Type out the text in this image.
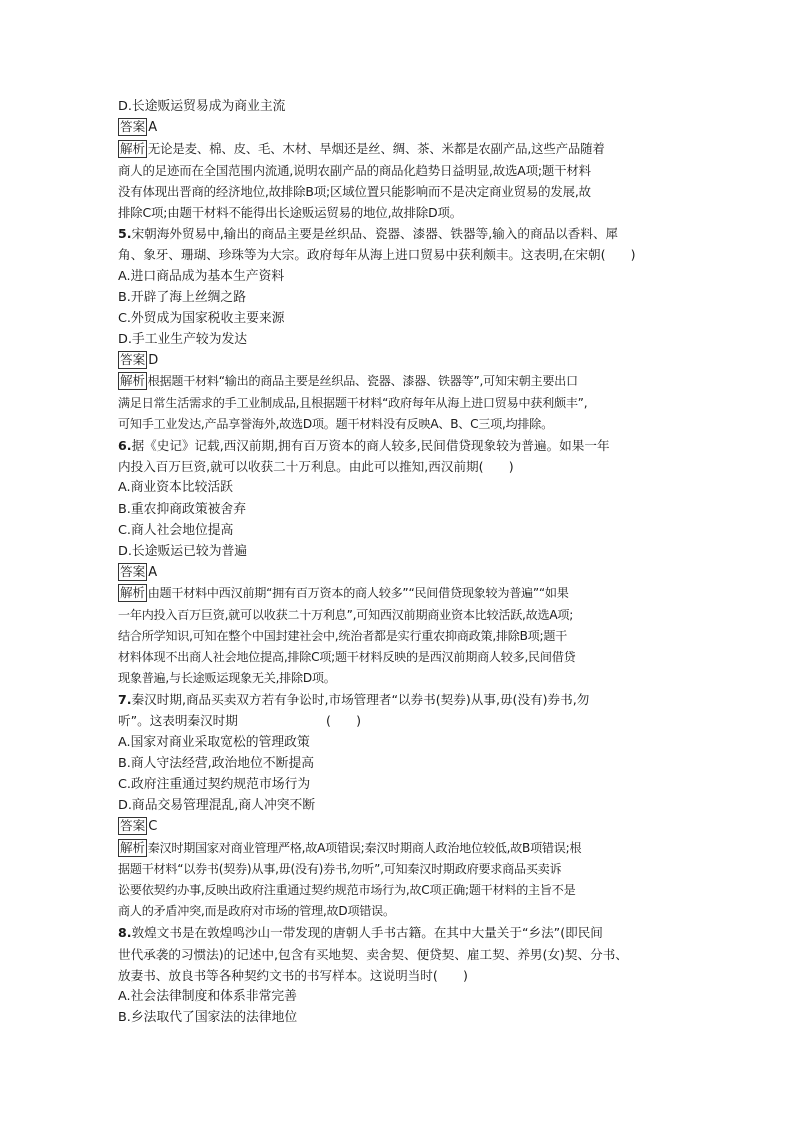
D.长途贩运贸易成为商业主流
答案 A
解析 无论是麦、棉、皮、毛、木材、旱烟还是丝、绸、茶、米都是农副产品,这些产品随着
商人的足迹而在全国范围内流通,说明农副产品的商品化趋势日益明显,故选A项;题干材料
没有体现出晋商的经济地位,故排除B项;区域位置只能影响而不是决定商业贸易的发展,故
排除C项;由题干材料不能得出长途贩运贸易的地位,故排除D项。
5.宋朝海外贸易中,输出的商品主要是丝织品、瓷器、漆器、铁器等,输入的商品以香料、犀
角、象牙、珊瑚、珍珠等为大宗。政府每年从海上进口贸易中获利颇丰。这表明,在宋朝(　　)
A.进口商品成为基本生产资料
B.开辟了海上丝绸之路
C.外贸成为国家税收主要来源
D.手工业生产较为发达
答案 D
解析 根据题干材料“输出的商品主要是丝织品、瓷器、漆器、铁器等”,可知宋朝主要出口
满足日常生活需求的手工业制成品,且根据题干材料“政府每年从海上进口贸易中获利颇丰”,
可知手工业发达,产品享誉海外,故选D项。题干材料没有反映A、B、C三项,均排除。
6.据《史记》记载,西汉前期,拥有百万资本的商人较多,民间借贷现象较为普遍。如果一年
内投入百万巨资,就可以收获二十万利息。由此可以推知,西汉前期(　　)
A.商业资本比较活跃
B.重农抑商政策被舍弃
C.商人社会地位提高
D.长途贩运已较为普遍
答案 A
解析 由题干材料中西汉前期“拥有百万资本的商人较多”“民间借贷现象较为普遍”“如果
一年内投入百万巨资,就可以收获二十万利息”,可知西汉前期商业资本比较活跃,故选A项;
结合所学知识,可知在整个中国封建社会中,统治者都是实行重农抑商政策,排除B项;题干
材料体现不出商人社会地位提高,排除C项;题干材料反映的是西汉前期商人较多,民间借贷
现象普遍,与长途贩运现象无关,排除D项。
7.秦汉时期,商品买卖双方若有争讼时,市场管理者“以券书(契券)从事,毋(没有)券书,勿
听”。这表明秦汉时期　　　　　　　(　　)
A.国家对商业采取宽松的管理政策
B.商人守法经营,政治地位不断提高
C.政府注重通过契约规范市场行为
D.商品交易管理混乱,商人冲突不断
答案 C
解析 秦汉时期国家对商业管理严格,故A项错误;秦汉时期商人政治地位较低,故B项错误;根
据题干材料“以券书(契券)从事,毋(没有)券书,勿听”,可知秦汉时期政府要求商品买卖诉
讼要依契约办事,反映出政府注重通过契约规范市场行为,故C项正确;题干材料的主旨不是
商人的矛盾冲突,而是政府对市场的管理,故D项错误。
8.敦煌文书是在敦煌鸣沙山一带发现的唐朝人手书古籍。在其中大量关于“乡法”(即民间
世代承袭的习惯法)的记述中,包含有买地契、卖舍契、便贷契、雇工契、养男(女)契、分书、
放妻书、放良书等各种契约文书的书写样本。这说明当时(　　)
A.社会法律制度和体系非常完善
B.乡法取代了国家法的法律地位
